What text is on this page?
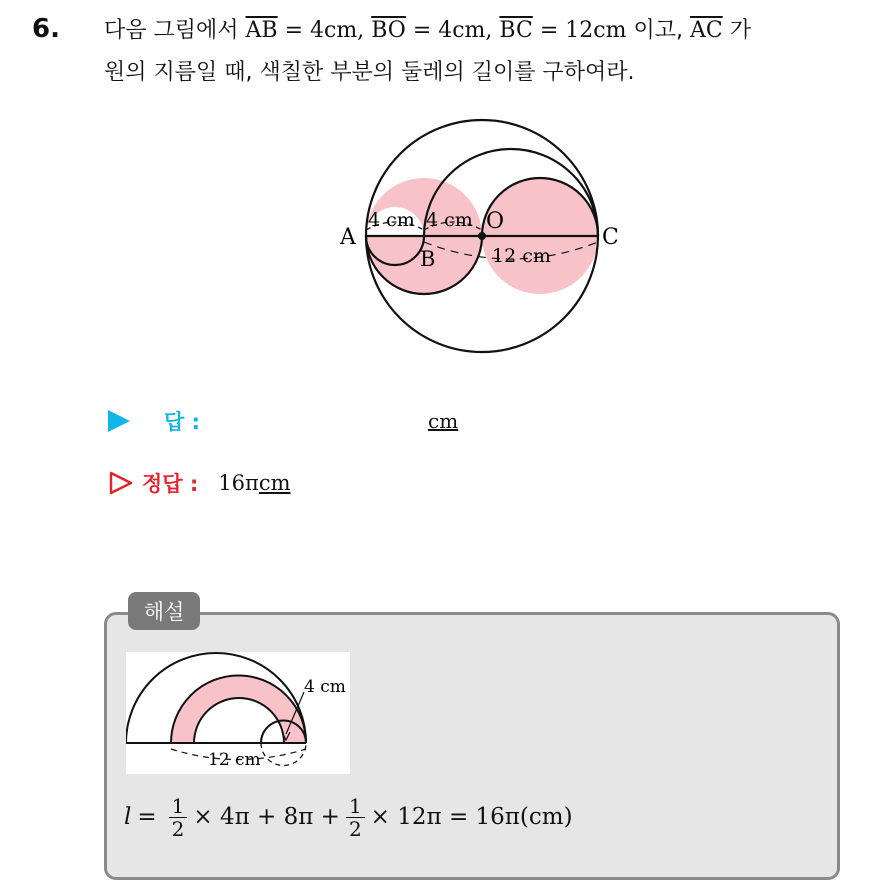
6. 다음 그림에서 $\overline{AB} = 4cm$, $\overline{BO} = 4cm$, $\overline{BC} = 12cm$ 이고, $\overline{AC}$ 가
원의 지름일 때, 색칠한 부분의 둘레의 길이를 구하여라.
A
B
O
C
4 cm 4 cm
12 cm
답 :	cm
정답 : 16π cm
해설
4 cm
12 cm
$l = \frac{1}{2} \times 4\pi + 8\pi + \frac{1}{2} \times 12\pi = 16\pi(cm)$
